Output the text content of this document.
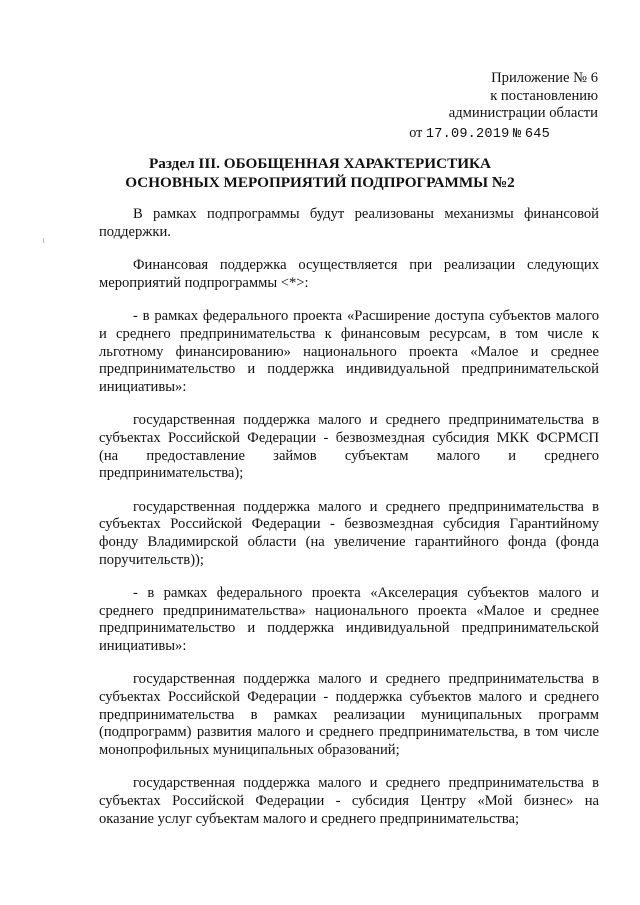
Приложение № 6
к постановлению
администрации области
от 17.09.2019 № 645
Раздел III. ОБОБЩЕННАЯ ХАРАКТЕРИСТИКА
ОСНОВНЫХ МЕРОПРИЯТИЙ ПОДПРОГРАММЫ №2

В рамках подпрограммы будут реализованы механизмы финансовой
поддержки.

Финансовая поддержка осуществляется при реализации следующих
мероприятий подпрограммы <*>:

- в рамках федерального проекта «Расширение доступа субъектов малого
и среднего предпринимательства к финансовым ресурсам, в том числе к
льготному финансированию» национального проекта «Малое и среднее
предпринимательство и поддержка индивидуальной предпринимательской
инициативы»:

государственная поддержка малого и среднего предпринимательства в
субъектах Российской Федерации - безвозмездная субсидия МКК ФСРМСП
(на предоставление займов субъектам малого и среднего
предпринимательства);

государственная поддержка малого и среднего предпринимательства в
субъектах Российской Федерации - безвозмездная субсидия Гарантийному
фонду Владимирской области (на увеличение гарантийного фонда (фонда
поручительств));

- в рамках федерального проекта «Акселерация субъектов малого и
среднего предпринимательства» национального проекта «Малое и среднее
предпринимательство и поддержка индивидуальной предпринимательской
инициативы»:

государственная поддержка малого и среднего предпринимательства в
субъектах Российской Федерации - поддержка субъектов малого и среднего
предпринимательства в рамках реализации муниципальных программ
(подпрограмм) развития малого и среднего предпринимательства, в том числе
монопрофильных муниципальных образований;

государственная поддержка малого и среднего предпринимательства в
субъектах Российской Федерации - субсидия Центру «Мой бизнес» на
оказание услуг субъектам малого и среднего предпринимательства;
